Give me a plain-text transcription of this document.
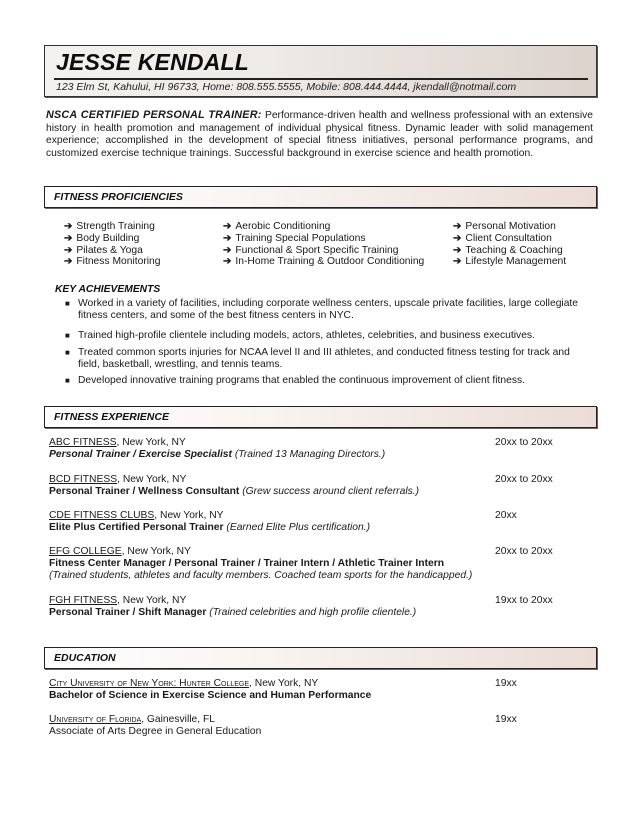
JESSE KENDALL
123 Elm St, Kahului, HI 96733, Home: 808.555.5555, Mobile: 808.444.4444, jkendall@notmail.com
NSCA CERTIFIED PERSONAL TRAINER: Performance-driven health and wellness professional with an extensive history in health promotion and management of individual physical fitness. Dynamic leader with solid management experience; accomplished in the development of special fitness initiatives, personal performance programs, and customized exercise technique trainings. Successful background in exercise science and health promotion.
FITNESS PROFICIENCIES
➔ Strength Training
➔ Body Building
➔ Pilates & Yoga
➔ Fitness Monitoring
➔ Aerobic Conditioning
➔ Training Special Populations
➔ Functional & Sport Specific Training
➔ In-Home Training & Outdoor Conditioning
➔ Personal Motivation
➔ Client Consultation
➔ Teaching & Coaching
➔ Lifestyle Management
KEY ACHIEVEMENTS
■ Worked in a variety of facilities, including corporate wellness centers, upscale private facilities, large collegiate fitness centers, and some of the best fitness centers in NYC.
■ Trained high-profile clientele including models, actors, athletes, celebrities, and business executives.
■ Treated common sports injuries for NCAA level II and III athletes, and conducted fitness testing for track and field, basketball, wrestling, and tennis teams.
■ Developed innovative training programs that enabled the continuous improvement of client fitness.
FITNESS EXPERIENCE
ABC FITNESS, New York, NY	20xx to 20xx
Personal Trainer / Exercise Specialist (Trained 13 Managing Directors.)
BCD FITNESS, New York, NY	20xx to 20xx
Personal Trainer / Wellness Consultant (Grew success around client referrals.)
CDE FITNESS CLUBS, New York, NY	20xx
Elite Plus Certified Personal Trainer (Earned Elite Plus certification.)
EFG COLLEGE, New York, NY	20xx to 20xx
Fitness Center Manager / Personal Trainer / Trainer Intern / Athletic Trainer Intern
(Trained students, athletes and faculty members. Coached team sports for the handicapped.)
FGH FITNESS, New York, NY	19xx to 20xx
Personal Trainer / Shift Manager (Trained celebrities and high profile clientele.)
EDUCATION
City University of New York: Hunter College, New York, NY	19xx
Bachelor of Science in Exercise Science and Human Performance
University of Florida, Gainesville, FL	19xx
Associate of Arts Degree in General Education
